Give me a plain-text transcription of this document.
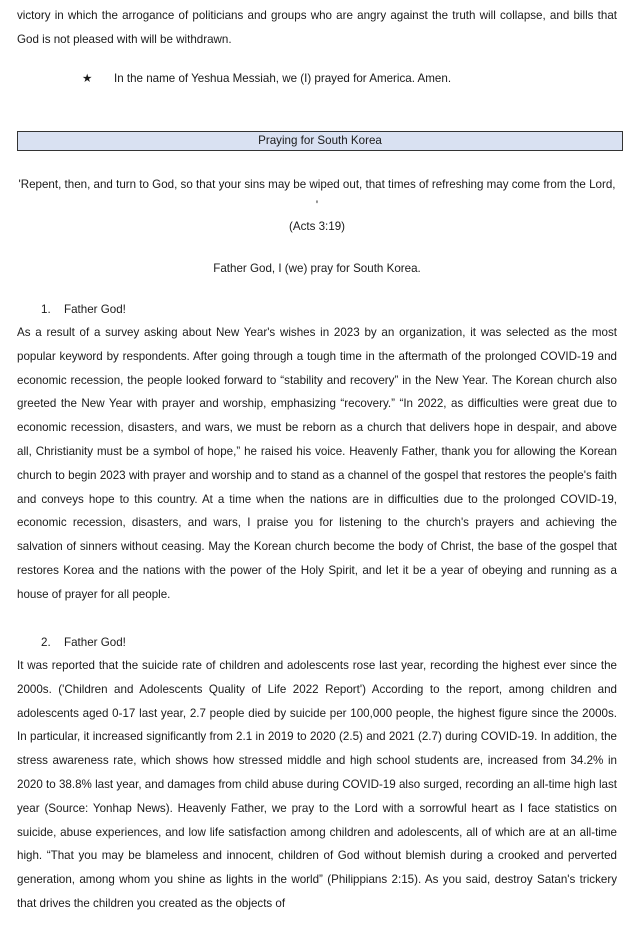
victory in which the arrogance of politicians and groups who are angry against the truth will collapse, and bills that God is not pleased with will be withdrawn.

★ In the name of Yeshua Messiah, we (I) prayed for America. Amen.
Praying for South Korea

'Repent, then, and turn to God, so that your sins may be wiped out, that times of refreshing may come from the Lord, '

(Acts 3:19)

Father God, I (we) pray for South Korea.

1. Father God!

As a result of a survey asking about New Year's wishes in 2023 by an organization, it was selected as the most popular keyword by respondents. After going through a tough time in the aftermath of the prolonged COVID-19 and economic recession, the people looked forward to “stability and recovery” in the New Year. The Korean church also greeted the New Year with prayer and worship, emphasizing “recovery.” “In 2022, as difficulties were great due to economic recession, disasters, and wars, we must be reborn as a church that delivers hope in despair, and above all, Christianity must be a symbol of hope,” he raised his voice. Heavenly Father, thank you for allowing the Korean church to begin 2023 with prayer and worship and to stand as a channel of the gospel that restores the people's faith and conveys hope to this country. At a time when the nations are in difficulties due to the prolonged COVID-19, economic recession, disasters, and wars, I praise you for listening to the church's prayers and achieving the salvation of sinners without ceasing. May the Korean church become the body of Christ, the base of the gospel that restores Korea and the nations with the power of the Holy Spirit, and let it be a year of obeying and running as a house of prayer for all people.

2. Father God!

It was reported that the suicide rate of children and adolescents rose last year, recording the highest ever since the 2000s. ('Children and Adolescents Quality of Life 2022 Report') According to the report, among children and adolescents aged 0-17 last year, 2.7 people died by suicide per 100,000 people, the highest figure since the 2000s. In particular, it increased significantly from 2.1 in 2019 to 2020 (2.5) and 2021 (2.7) during COVID-19. In addition, the stress awareness rate, which shows how stressed middle and high school students are, increased from 34.2% in 2020 to 38.8% last year, and damages from child abuse during COVID-19 also surged, recording an all-time high last year (Source: Yonhap News). Heavenly Father, we pray to the Lord with a sorrowful heart as I face statistics on suicide, abuse experiences, and low life satisfaction among children and adolescents, all of which are at an all-time high. “That you may be blameless and innocent, children of God without blemish during a crooked and perverted generation, among whom you shine as lights in the world” (Philippians 2:15). As you said, destroy Satan's trickery that drives the children you created as the objects of
